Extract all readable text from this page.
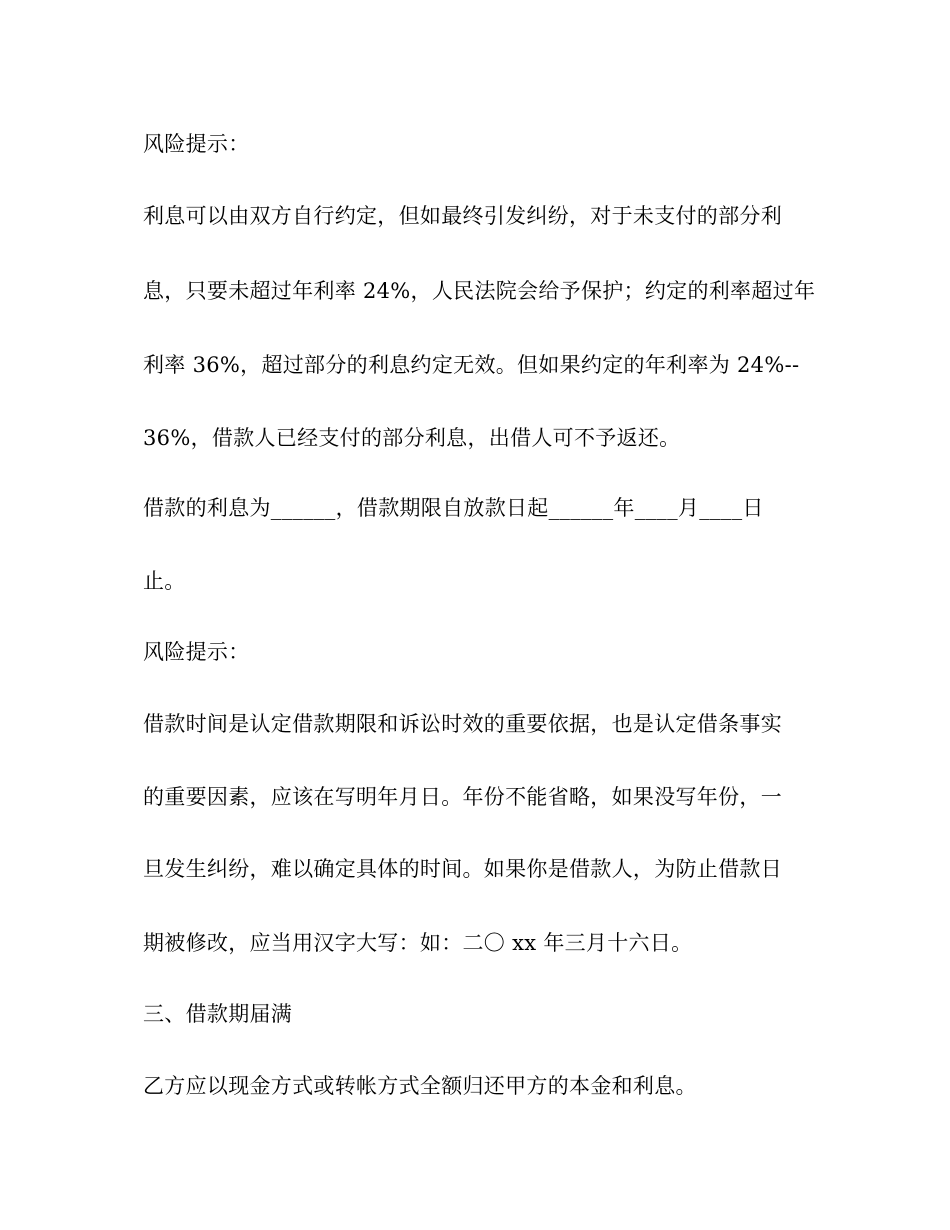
风险提示：
利息可以由双方自行约定，但如最终引发纠纷，对于未支付的部分利
息，只要未超过年利率 24%，人民法院会给予保护；约定的利率超过年
利率 36%，超过部分的利息约定无效。但如果约定的年利率为 24%--
36%，借款人已经支付的部分利息，出借人可不予返还。
借款的利息为______，借款期限自放款日起______年____月____日
止。
风险提示：
借款时间是认定借款期限和诉讼时效的重要依据，也是认定借条事实
的重要因素，应该在写明年月日。年份不能省略，如果没写年份，一
旦发生纠纷，难以确定具体的时间。如果你是借款人，为防止借款日
期被修改，应当用汉字大写：如：二〇 xx 年三月十六日。
三、借款期届满
乙方应以现金方式或转帐方式全额归还甲方的本金和利息。
